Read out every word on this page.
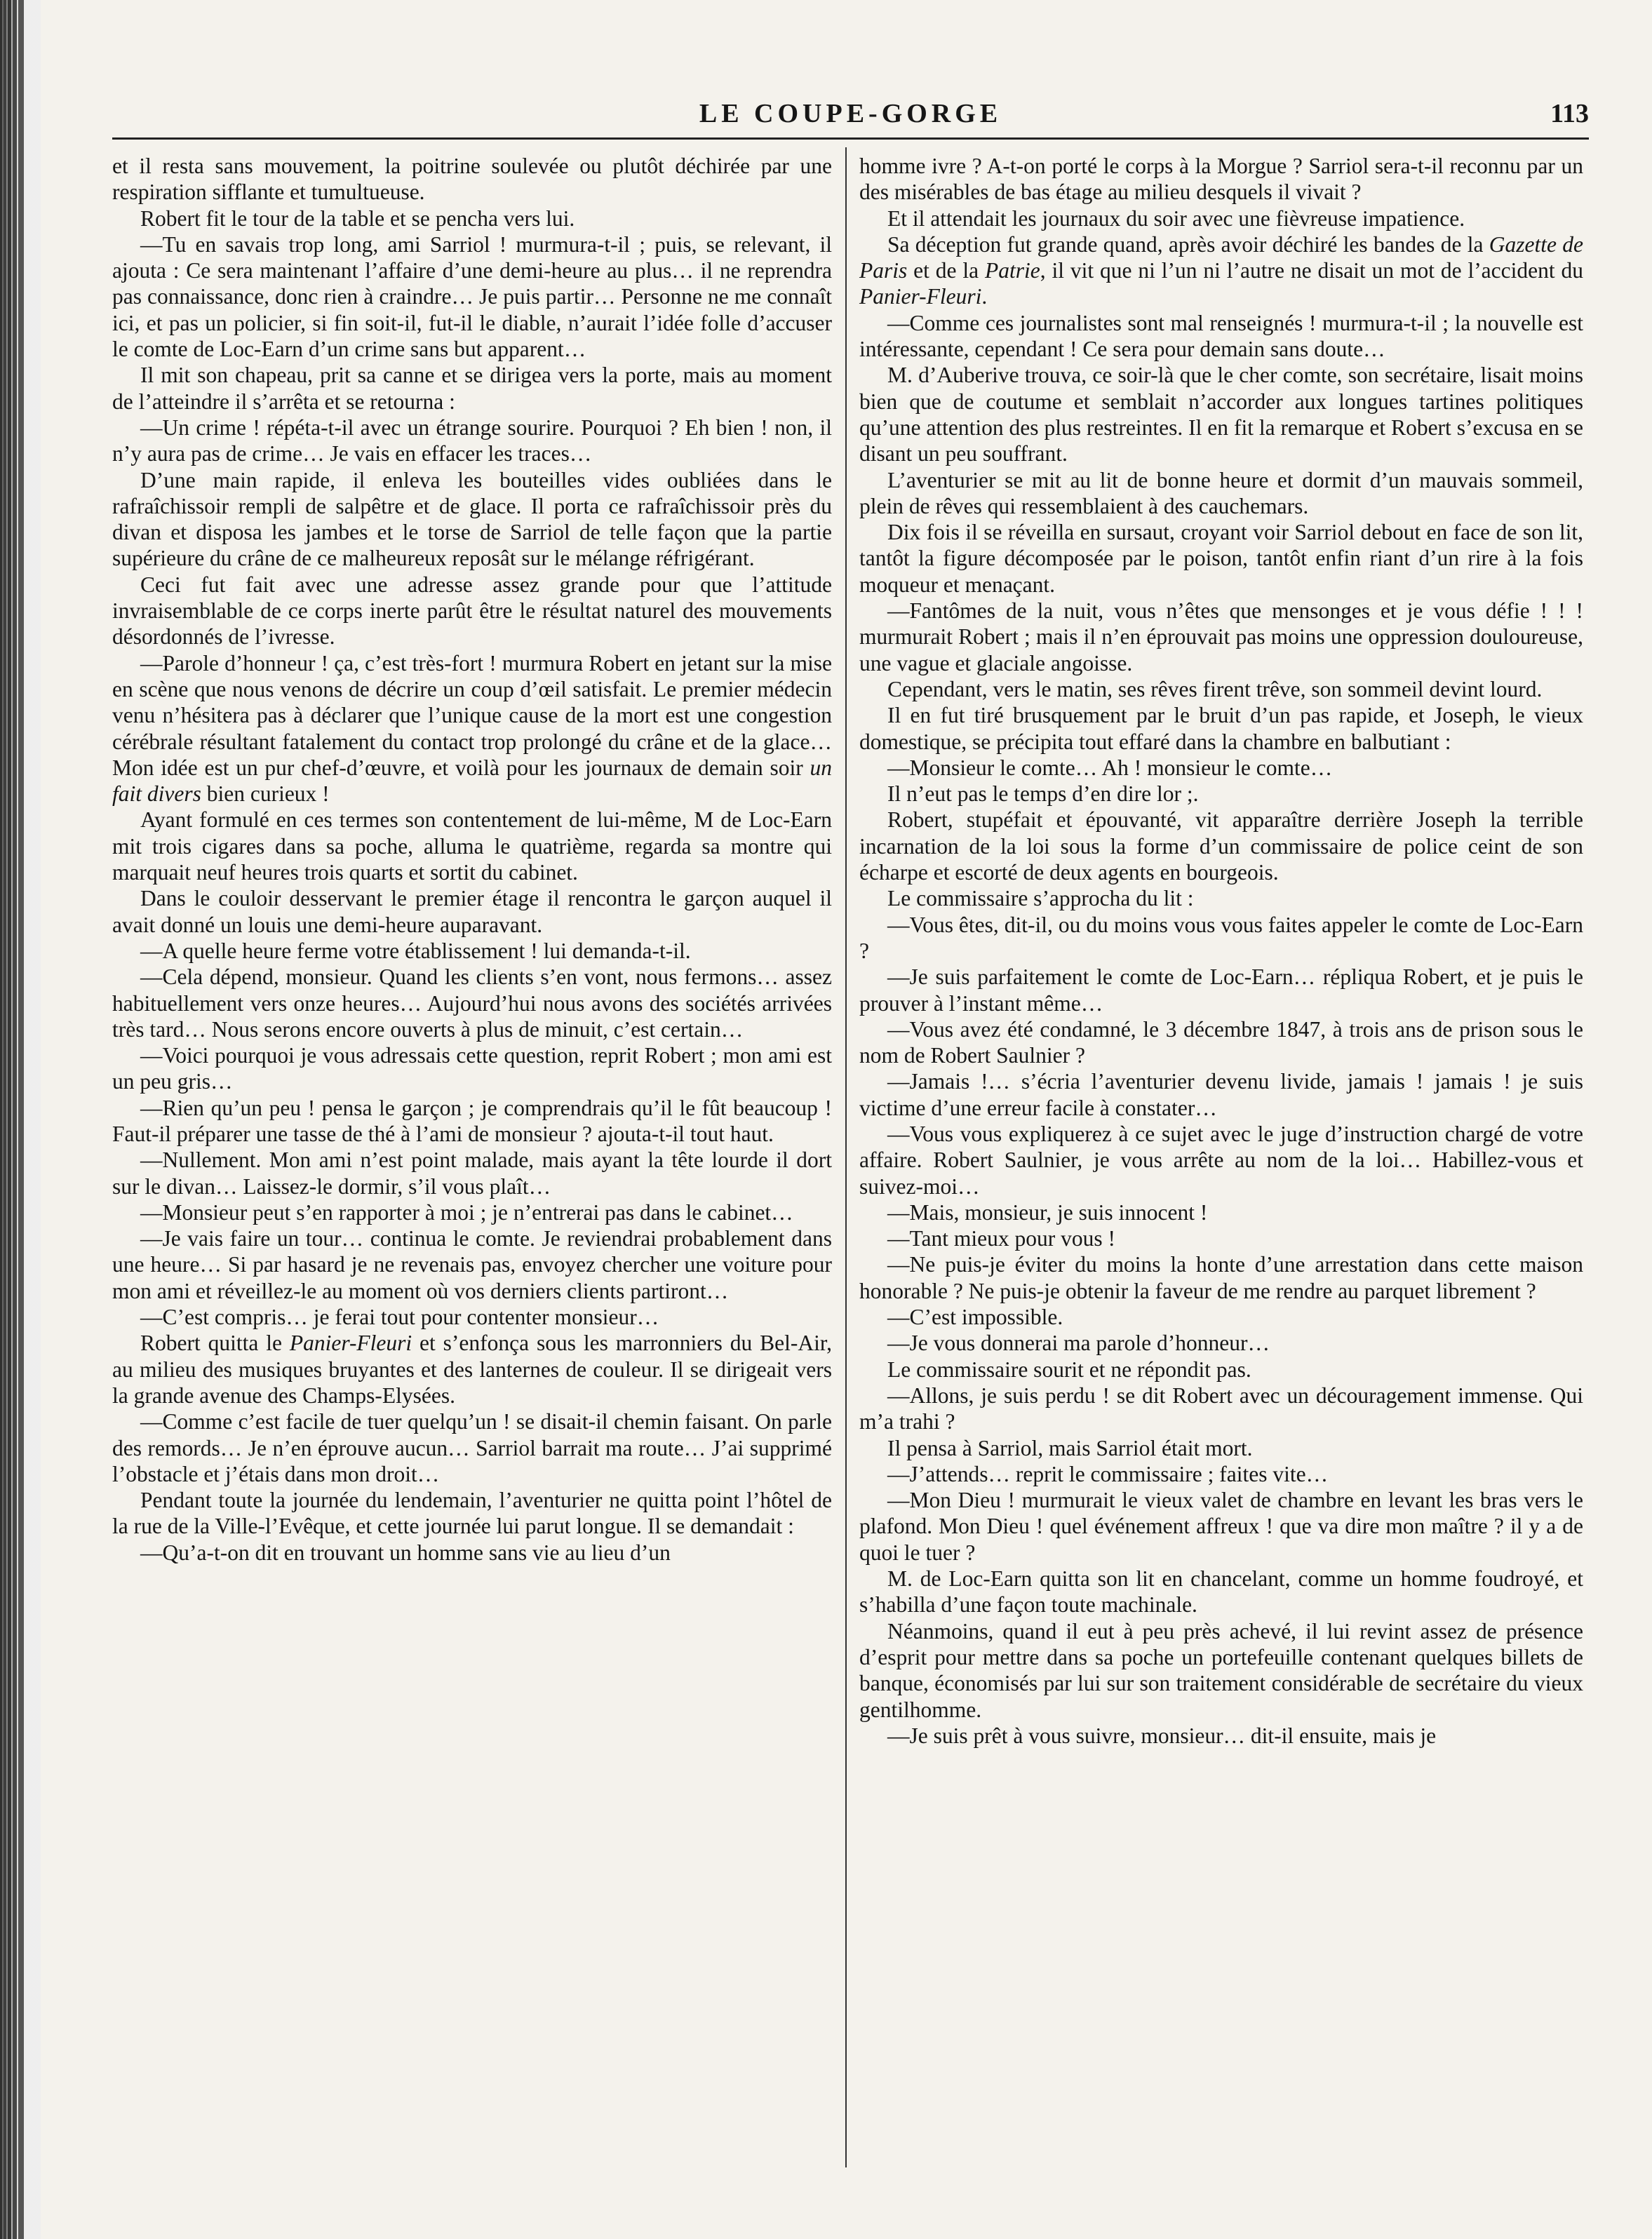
LE COUPE-GORGE	113

et il resta sans mouvement, la poitrine soulevée ou plutôt déchirée par une respiration sifflante et tumultueuse.

Robert fit le tour de la table et se pencha vers lui.

—Tu en savais trop long, ami Sarriol ! murmura-t-il ; puis, se relevant, il ajouta : Ce sera maintenant l’affaire d’une demi-heure au plus… il ne reprendra pas connaissance, donc rien à craindre… Je puis partir… Personne ne me connaît ici, et pas un policier, si fin soit-il, fut-il le diable, n’aurait l’idée folle d’accuser le comte de Loc-Earn d’un crime sans but apparent…

Il mit son chapeau, prit sa canne et se dirigea vers la porte, mais au moment de l’atteindre il s’arrêta et se retourna :

—Un crime ! répéta-t-il avec un étrange sourire. Pourquoi ? Eh bien ! non, il n’y aura pas de crime… Je vais en effacer les traces…

D’une main rapide, il enleva les bouteilles vides oubliées dans le rafraîchissoir rempli de salpêtre et de glace. Il porta ce rafraîchissoir près du divan et disposa les jambes et le torse de Sarriol de telle façon que la partie supérieure du crâne de ce malheureux reposât sur le mélange réfrigérant.

Ceci fut fait avec une adresse assez grande pour que l’attitude invraisemblable de ce corps inerte parût être le résultat naturel des mouvements désordonnés de l’ivresse.

—Parole d’honneur ! ça, c’est très-fort ! murmura Robert en jetant sur la mise en scène que nous venons de décrire un coup d’œil satisfait. Le premier médecin venu n’hésitera pas à déclarer que l’unique cause de la mort est une congestion cérébrale résultant fatalement du contact trop prolongé du crâne et de la glace… Mon idée est un pur chef-d’œuvre, et voilà pour les journaux de demain soir un fait divers bien curieux !

Ayant formulé en ces termes son contentement de lui-même, M de Loc-Earn mit trois cigares dans sa poche, alluma le quatrième, regarda sa montre qui marquait neuf heures trois quarts et sortit du cabinet.

Dans le couloir desservant le premier étage il rencontra le garçon auquel il avait donné un louis une demi-heure auparavant.

—A quelle heure ferme votre établissement ! lui demanda-t-il.

—Cela dépend, monsieur. Quand les clients s’en vont, nous fermons… assez habituellement vers onze heures… Aujourd’hui nous avons des sociétés arrivées très tard… Nous serons encore ouverts à plus de minuit, c’est certain…

—Voici pourquoi je vous adressais cette question, reprit Robert ; mon ami est un peu gris…

—Rien qu’un peu ! pensa le garçon ; je comprendrais qu’il le fût beaucoup ! Faut-il préparer une tasse de thé à l’ami de monsieur ? ajouta-t-il tout haut.

—Nullement. Mon ami n’est point malade, mais ayant la tête lourde il dort sur le divan… Laissez-le dormir, s’il vous plaît…

—Monsieur peut s’en rapporter à moi ; je n’entrerai pas dans le cabinet…

—Je vais faire un tour… continua le comte. Je reviendrai probablement dans une heure… Si par hasard je ne revenais pas, envoyez chercher une voiture pour mon ami et réveillez-le au moment où vos derniers clients partiront…

—C’est compris… je ferai tout pour contenter monsieur…

Robert quitta le Panier-Fleuri et s’enfonça sous les marronniers du Bel-Air, au milieu des musiques bruyantes et des lanternes de couleur. Il se dirigeait vers la grande avenue des Champs-Elysées.

—Comme c’est facile de tuer quelqu’un ! se disait-il chemin faisant. On parle des remords… Je n’en éprouve aucun… Sarriol barrait ma route… J’ai supprimé l’obstacle et j’étais dans mon droit…

Pendant toute la journée du lendemain, l’aventurier ne quitta point l’hôtel de la rue de la Ville-l’Evêque, et cette journée lui parut longue. Il se demandait :

—Qu’a-t-on dit en trouvant un homme sans vie au lieu d’un

homme ivre ? A-t-on porté le corps à la Morgue ? Sarriol sera-t-il reconnu par un des misérables de bas étage au milieu desquels il vivait ?

Et il attendait les journaux du soir avec une fièvreuse impatience.

Sa déception fut grande quand, après avoir déchiré les bandes de la Gazette de Paris et de la Patrie, il vit que ni l’un ni l’autre ne disait un mot de l’accident du Panier-Fleuri.

—Comme ces journalistes sont mal renseignés ! murmura-t-il ; la nouvelle est intéressante, cependant ! Ce sera pour demain sans doute…

M. d’Auberive trouva, ce soir-là que le cher comte, son secrétaire, lisait moins bien que de coutume et semblait n’accorder aux longues tartines politiques qu’une attention des plus restreintes. Il en fit la remarque et Robert s’excusa en se disant un peu souffrant.

L’aventurier se mit au lit de bonne heure et dormit d’un mauvais sommeil, plein de rêves qui ressemblaient à des cauchemars.

Dix fois il se réveilla en sursaut, croyant voir Sarriol debout en face de son lit, tantôt la figure décomposée par le poison, tantôt enfin riant d’un rire à la fois moqueur et menaçant.

—Fantômes de la nuit, vous n’êtes que mensonges et je vous défie ! ! ! murmurait Robert ; mais il n’en éprouvait pas moins une oppression douloureuse, une vague et glaciale angoisse.

Cependant, vers le matin, ses rêves firent trêve, son sommeil devint lourd.

Il en fut tiré brusquement par le bruit d’un pas rapide, et Joseph, le vieux domestique, se précipita tout effaré dans la chambre en balbutiant :

—Monsieur le comte… Ah ! monsieur le comte…

Il n’eut pas le temps d’en dire lor ;.

Robert, stupéfait et épouvanté, vit apparaître derrière Joseph la terrible incarnation de la loi sous la forme d’un commissaire de police ceint de son écharpe et escorté de deux agents en bourgeois.

Le commissaire s’approcha du lit :

—Vous êtes, dit-il, ou du moins vous vous faites appeler le comte de Loc-Earn ?

—Je suis parfaitement le comte de Loc-Earn… répliqua Robert, et je puis le prouver à l’instant même…

—Vous avez été condamné, le 3 décembre 1847, à trois ans de prison sous le nom de Robert Saulnier ?

—Jamais !… s’écria l’aventurier devenu livide, jamais ! jamais ! je suis victime d’une erreur facile à constater…

—Vous vous expliquerez à ce sujet avec le juge d’instruction chargé de votre affaire. Robert Saulnier, je vous arrête au nom de la loi… Habillez-vous et suivez-moi…

—Mais, monsieur, je suis innocent !

—Tant mieux pour vous !

—Ne puis-je éviter du moins la honte d’une arrestation dans cette maison honorable ? Ne puis-je obtenir la faveur de me rendre au parquet librement ?

—C’est impossible.

—Je vous donnerai ma parole d’honneur…

Le commissaire sourit et ne répondit pas.

—Allons, je suis perdu ! se dit Robert avec un découragement immense. Qui m’a trahi ?

Il pensa à Sarriol, mais Sarriol était mort.

—J’attends… reprit le commissaire ; faites vite…

—Mon Dieu ! murmurait le vieux valet de chambre en levant les bras vers le plafond. Mon Dieu ! quel événement affreux ! que va dire mon maître ? il y a de quoi le tuer ?

M. de Loc-Earn quitta son lit en chancelant, comme un homme foudroyé, et s’habilla d’une façon toute machinale.

Néanmoins, quand il eut à peu près achevé, il lui revint assez de présence d’esprit pour mettre dans sa poche un portefeuille contenant quelques billets de banque, économisés par lui sur son traitement considérable de secrétaire du vieux gentilhomme.

—Je suis prêt à vous suivre, monsieur… dit-il ensuite, mais je
